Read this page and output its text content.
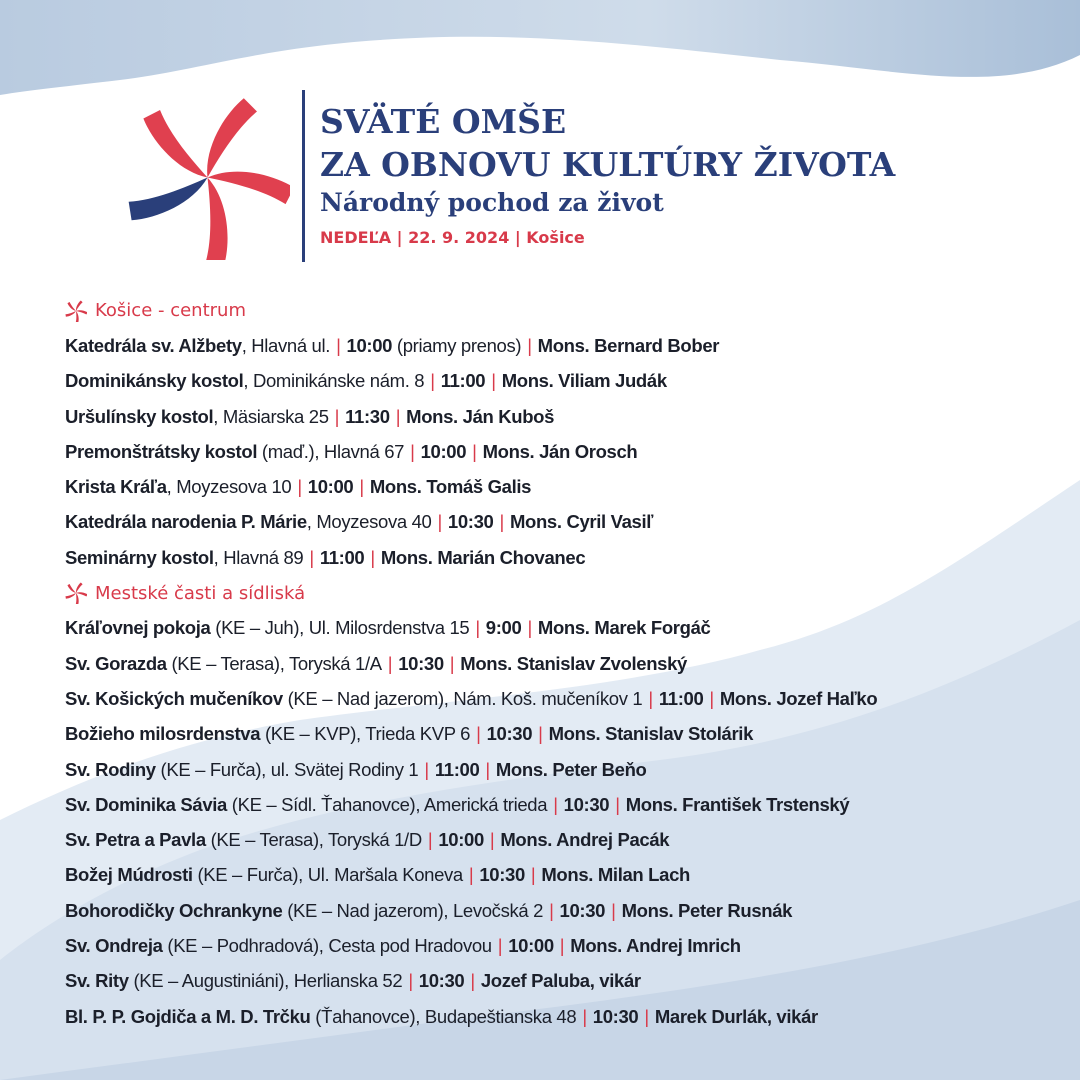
SVÄTÉ OMŠE
ZA OBNOVU KULTÚRY ŽIVOTA
Národný pochod za život
NEDEĽA | 22. 9. 2024 | Košice
Košice - centrum
Katedrála sv. Alžbety , Hlavná ul. | 10:00 (priamy prenos) | Mons. Bernard Bober
Dominikánsky kostol , Dominikánske nám. 8 | 11:00 | Mons. Viliam Judák
Uršulínsky kostol , Mäsiarska 25 | 11:30 | Mons. Ján Kuboš
Premonštrátsky kostol (maď.), Hlavná 67 | 10:00 | Mons. Ján Orosch
Krista Kráľa , Moyzesova 10 | 10:00 | Mons. Tomáš Galis
Katedrála narodenia P. Márie , Moyzesova 40 | 10:30 | Mons. Cyril Vasiľ
Seminárny kostol , Hlavná 89 | 11:00 | Mons. Marián Chovanec
Mestské časti a sídliská
Kráľovnej pokoja (KE – Juh), Ul. Milosrdenstva 15 | 9:00 | Mons. Marek Forgáč
Sv. Gorazda (KE – Terasa), Toryská 1/A | 10:30 | Mons. Stanislav Zvolenský
Sv. Košických mučeníkov (KE – Nad jazerom), Nám. Koš. mučeníkov 1 | 11:00 | Mons. Jozef Haľko
Božieho milosrdenstva (KE – KVP), Trieda KVP 6 | 10:30 | Mons. Stanislav Stolárik
Sv. Rodiny (KE – Furča), ul. Svätej Rodiny 1 | 11:00 | Mons. Peter Beňo
Sv. Dominika Sávia (KE – Sídl. Ťahanovce), Americká trieda | 10:30 | Mons. František Trstenský
Sv. Petra a Pavla (KE – Terasa), Toryská 1/D | 10:00 | Mons. Andrej Pacák
Božej Múdrosti (KE – Furča), Ul. Maršala Koneva | 10:30 | Mons. Milan Lach
Bohorodičky Ochrankyne (KE – Nad jazerom), Levočská 2 | 10:30 | Mons. Peter Rusnák
Sv. Ondreja (KE – Podhradová), Cesta pod Hradovou | 10:00 | Mons. Andrej Imrich
Sv. Rity (KE – Augustiniáni), Herlianska 52 | 10:30 | Jozef Paluba, vikár
Bl. P. P. Gojdiča a M. D. Trčku (Ťahanovce), Budapeštianska 48 | 10:30 | Marek Durlák, vikár
